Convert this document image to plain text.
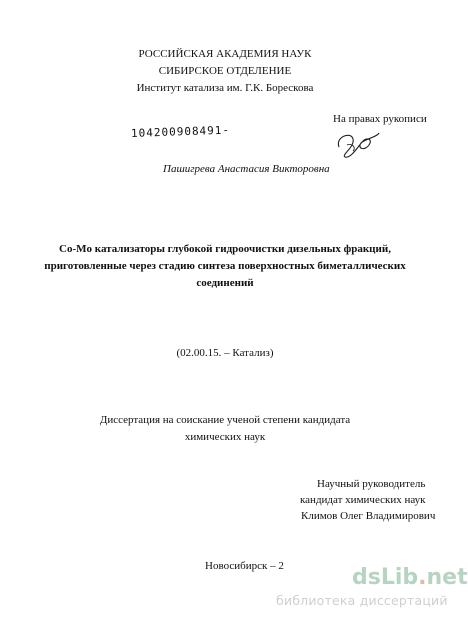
РОССИЙСКАЯ АКАДЕМИЯ НАУК
СИБИРСКОЕ ОТДЕЛЕНИЕ
Институт катализа им. Г.К. Борескова
На правах рукописи
104200908491-
Пашигрева Анастасия Викторовна
Co-Mo катализаторы глубокой гидроочистки дизельных фракций,
приготовленные через стадию синтеза поверхностных биметаллических
соединений
(02.00.15. – Катализ)
Диссертация на соискание ученой степени кандидата
химических наук
Научный руководитель
кандидат химических наук
Климов Олег Владимирович
Новосибирск – 2	dsLib.net
библиотека диссертаций
